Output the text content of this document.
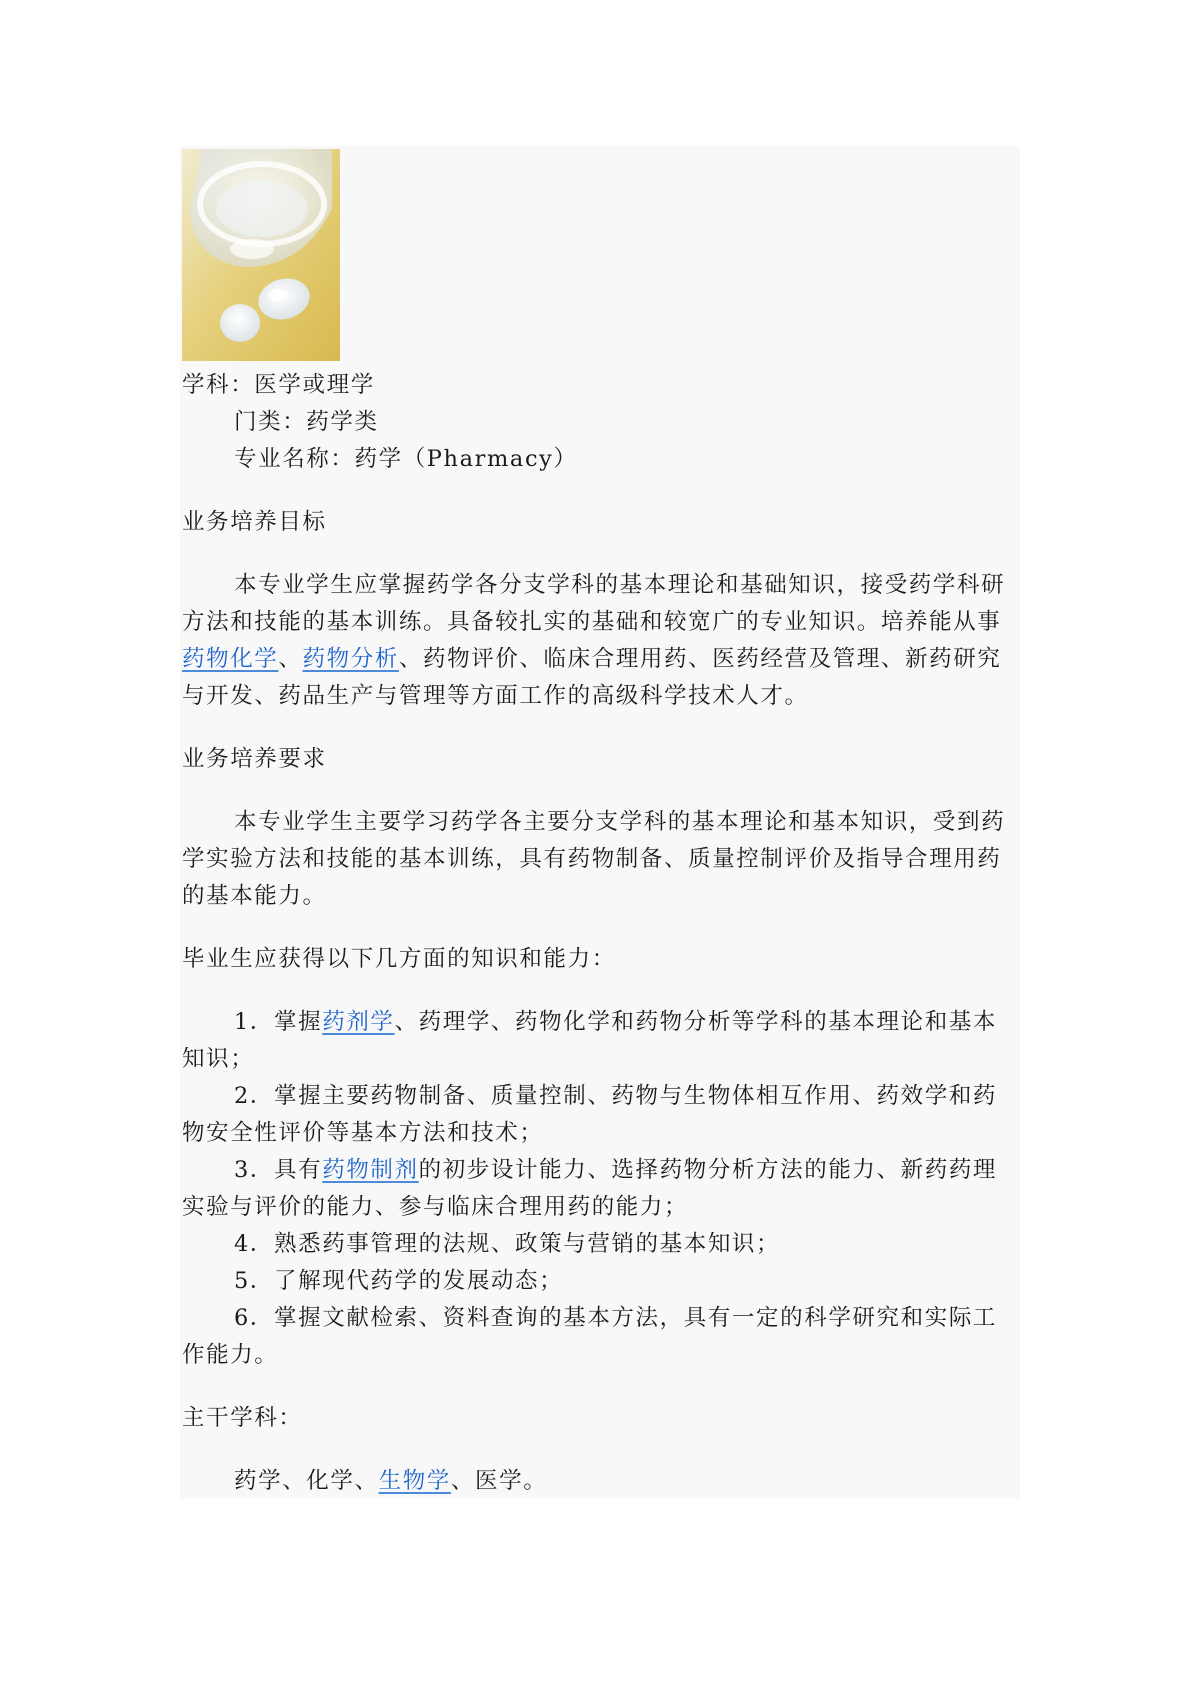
学科：医学或理学
门类：药学类
专业名称：药学（Pharmacy）
业务培养目标
本专业学生应掌握药学各分支学科的基本理论和基础知识，接受药学科研方法和技能的基本训练。具备较扎实的基础和较宽广的专业知识。培养能从事药物化学、药物分析、药物评价、临床合理用药、医药经营及管理、新药研究与开发、药品生产与管理等方面工作的高级科学技术人才。
业务培养要求
本专业学生主要学习药学各主要分支学科的基本理论和基本知识，受到药学实验方法和技能的基本训练，具有药物制备、质量控制评价及指导合理用药的基本能力。
毕业生应获得以下几方面的知识和能力：
1．掌握药剂学、药理学、药物化学和药物分析等学科的基本理论和基本知识；
2．掌握主要药物制备、质量控制、药物与生物体相互作用、药效学和药物安全性评价等基本方法和技术；
3．具有药物制剂的初步设计能力、选择药物分析方法的能力、新药药理实验与评价的能力、参与临床合理用药的能力；
4．熟悉药事管理的法规、政策与营销的基本知识；
5．了解现代药学的发展动态；
6．掌握文献检索、资料查询的基本方法，具有一定的科学研究和实际工作能力。
主干学科：
药学、化学、生物学、医学。
